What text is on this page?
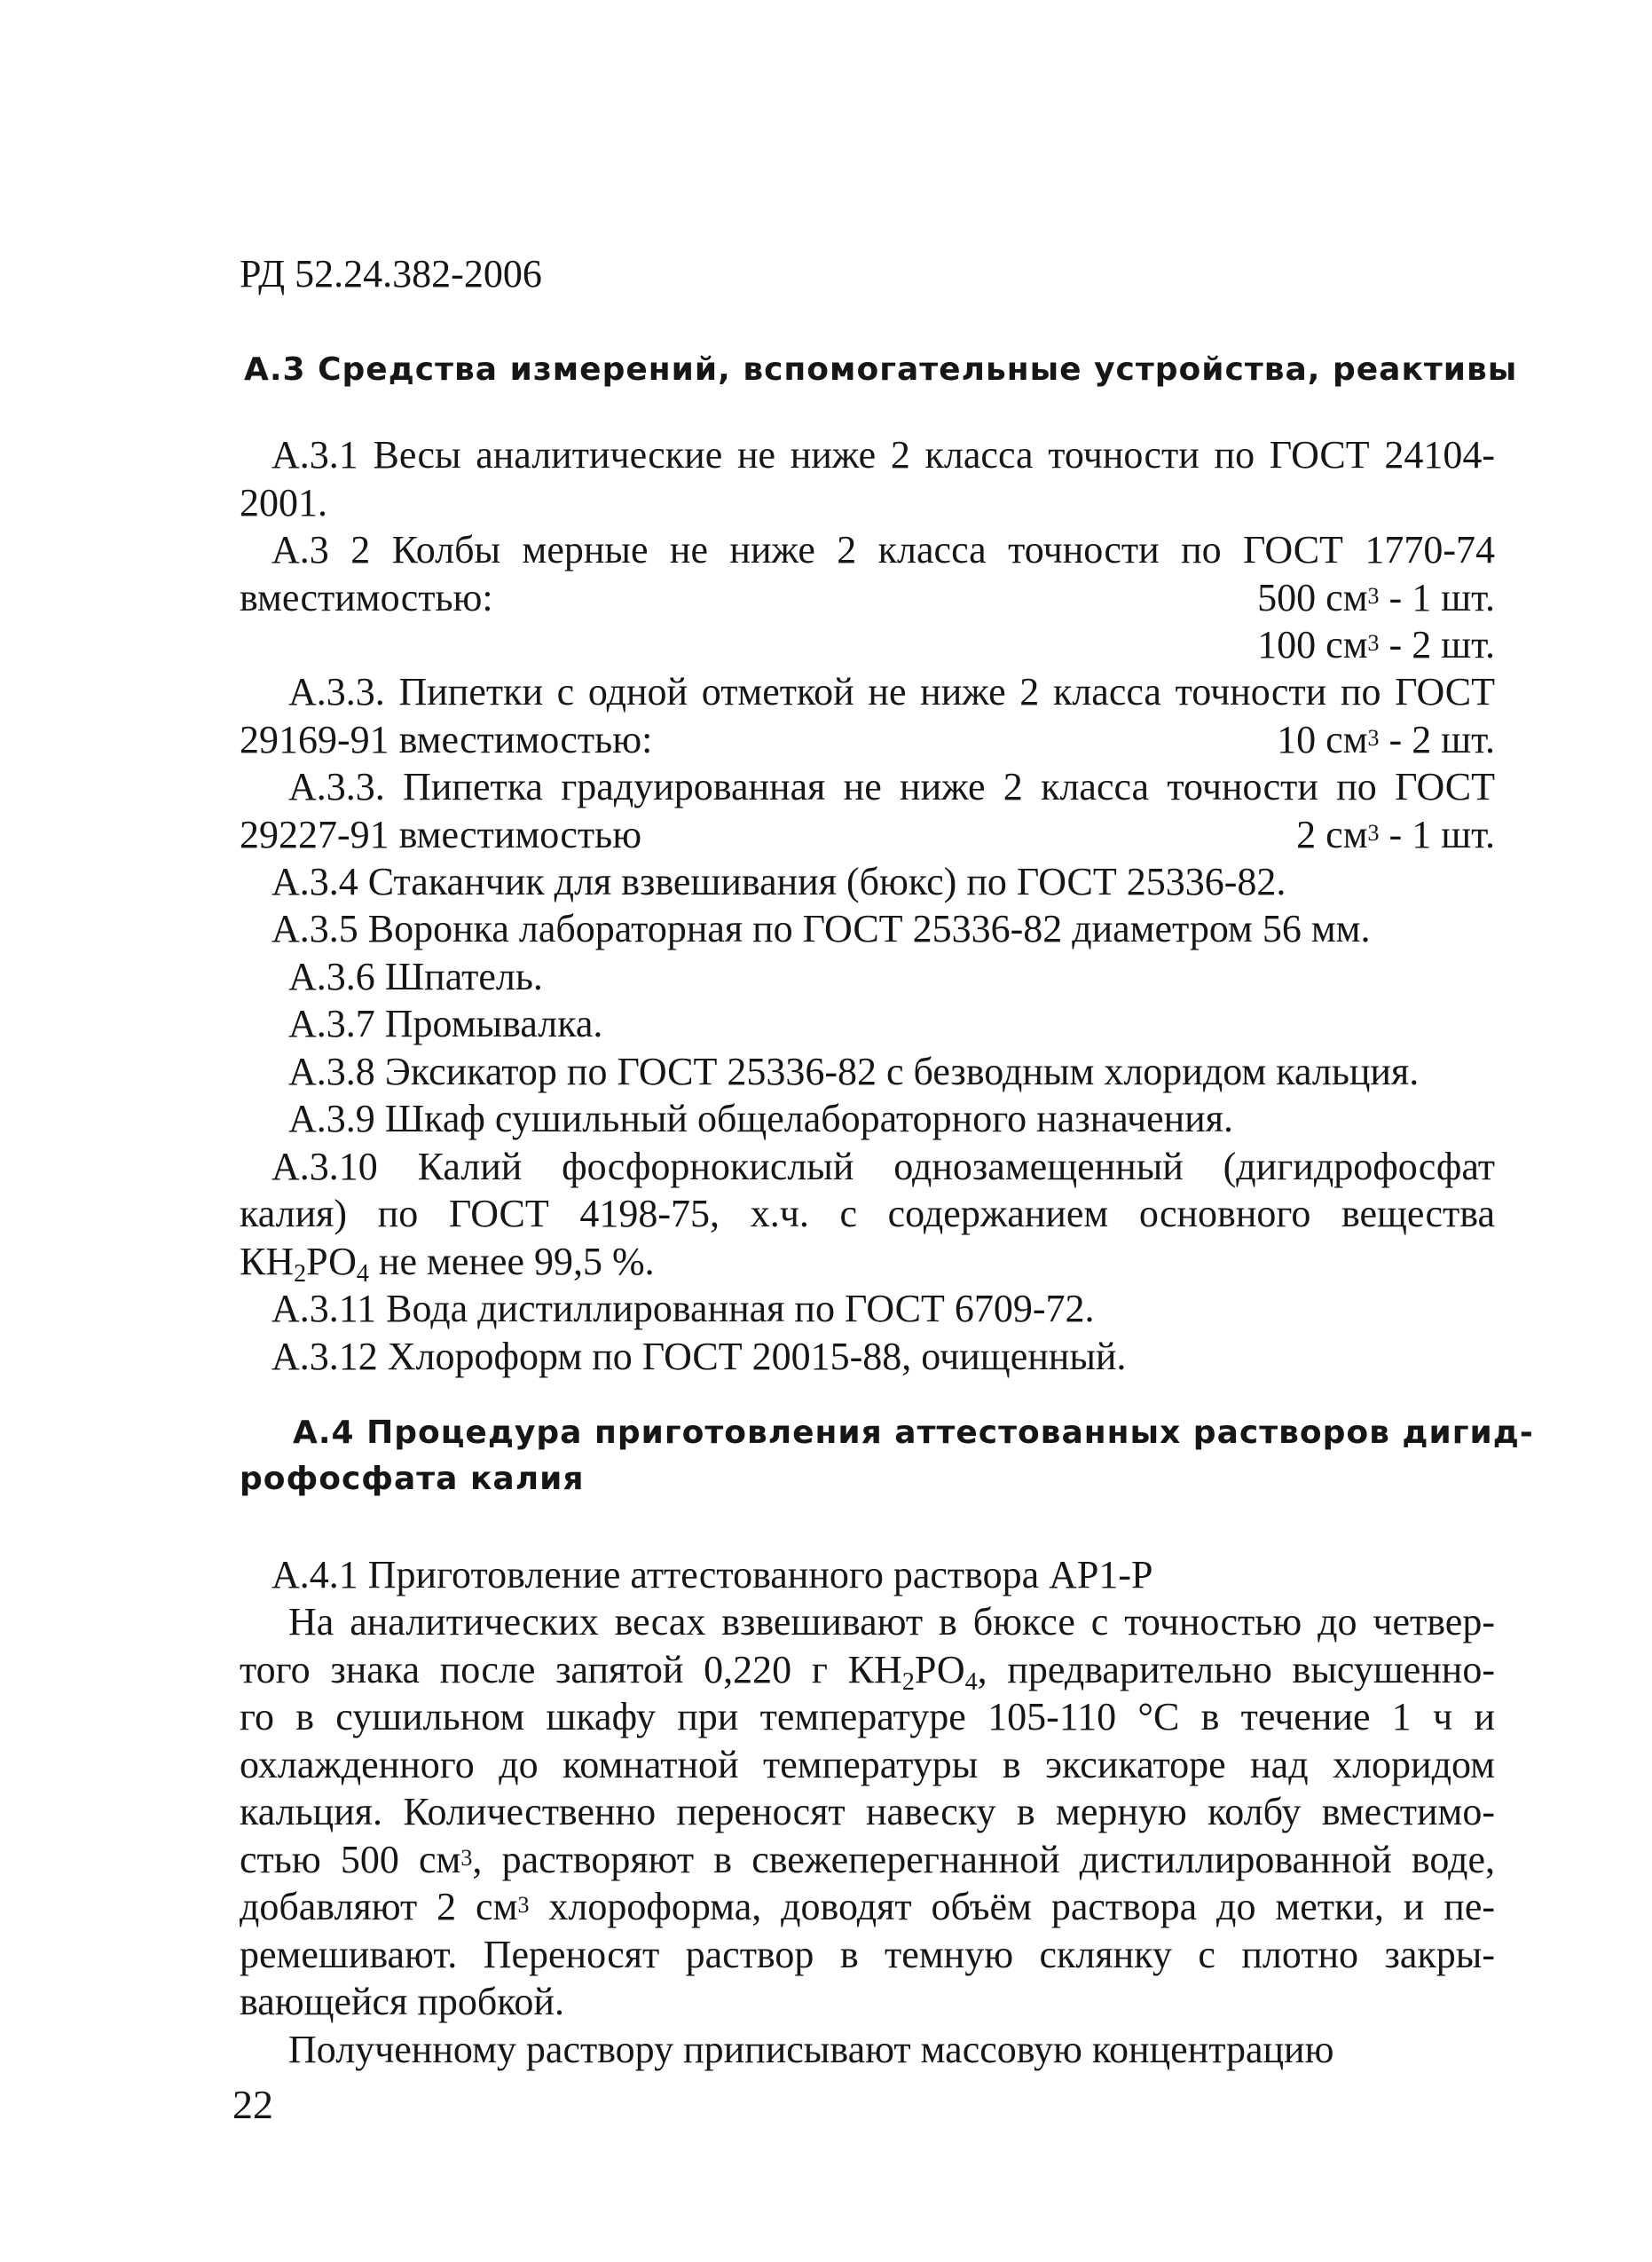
РД 52.24.382-2006
А.3 Средства измерений, вспомогательные устройства, реактивы
А.3.1 Весы аналитические не ниже 2 класса точности по ГОСТ 24104-
2001.
А.3 2 Колбы мерные не ниже 2 класса точности по ГОСТ 1770-74
вместимостью:	500 $см^3 - 1$ шт.
100 $см^3 - 2$ шт.
А.3.3. Пипетки с одной отметкой не ниже 2 класса точности по ГОСТ
29169-91 вместимостью:	10 $см^3 - 2$ шт.
А.3.3. Пипетка градуированная не ниже 2 класса точности по ГОСТ
29227-91 вместимостью	2 $см^3 - 1$ шт.
А.3.4 Стаканчик для взвешивания (бюкс) по ГОСТ 25336-82.
А.3.5 Воронка лабораторная по ГОСТ 25336-82 диаметром 56 мм.
А.3.6 Шпатель.
А.3.7 Промывалка.
А.3.8 Эксикатор по ГОСТ 25336-82 с безводным хлоридом кальция.
А.3.9 Шкаф сушильный общелабораторного назначения.
А.3.10 Калий фосфорнокислый однозамещенный (дигидрофосфат
калия) по ГОСТ 4198-75, х.ч. с содержанием основного вещества
$КН_2РО_4$ не менее 99,5 %.
А.3.11 Вода дистиллированная по ГОСТ 6709-72.
А.3.12 Хлороформ по ГОСТ 20015-88, очищенный.
А.4 Процедура приготовления аттестованных растворов дигид-
рофосфата калия
А.4.1 Приготовление аттестованного раствора АР1-Р
На аналитических весах взвешивают в бюксе с точностью до четвер-
того знака после запятой 0,220 г $КН_2РО_4$, предварительно высушенно-
го в сушильном шкафу при температуре 105-110 °С в течение 1 ч и
охлажденного до комнатной температуры в эксикаторе над хлоридом
кальция. Количественно переносят навеску в мерную колбу вместимо-
стью 500 $см^3$, растворяют в свежеперегнанной дистиллированной воде,
добавляют 2 $см^3$ хлороформа, доводят объём раствора до метки, и пе-
ремешивают. Переносят раствор в темную склянку с плотно закры-
вающейся пробкой.
Полученному раствору приписывают массовую концентрацию
22
